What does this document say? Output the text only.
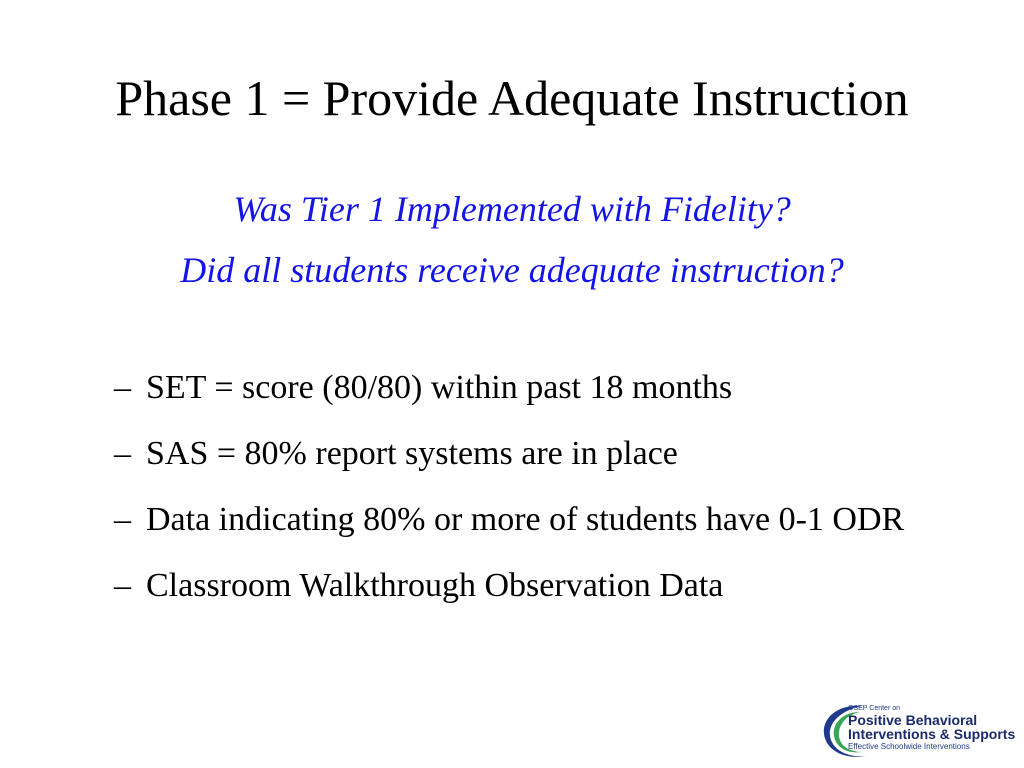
Phase 1 = Provide Adequate Instruction
Was Tier 1 Implemented with Fidelity?
Did all students receive adequate instruction?
– SET = score (80/80) within past 18 months
– SAS = 80% report systems are in place
– Data indicating 80% or more of students have 0-1 ODR
– Classroom Walkthrough Observation Data
OSEP Center on
Positive Behavioral
Interventions & Supports
Effective Schoolwide Interventions
